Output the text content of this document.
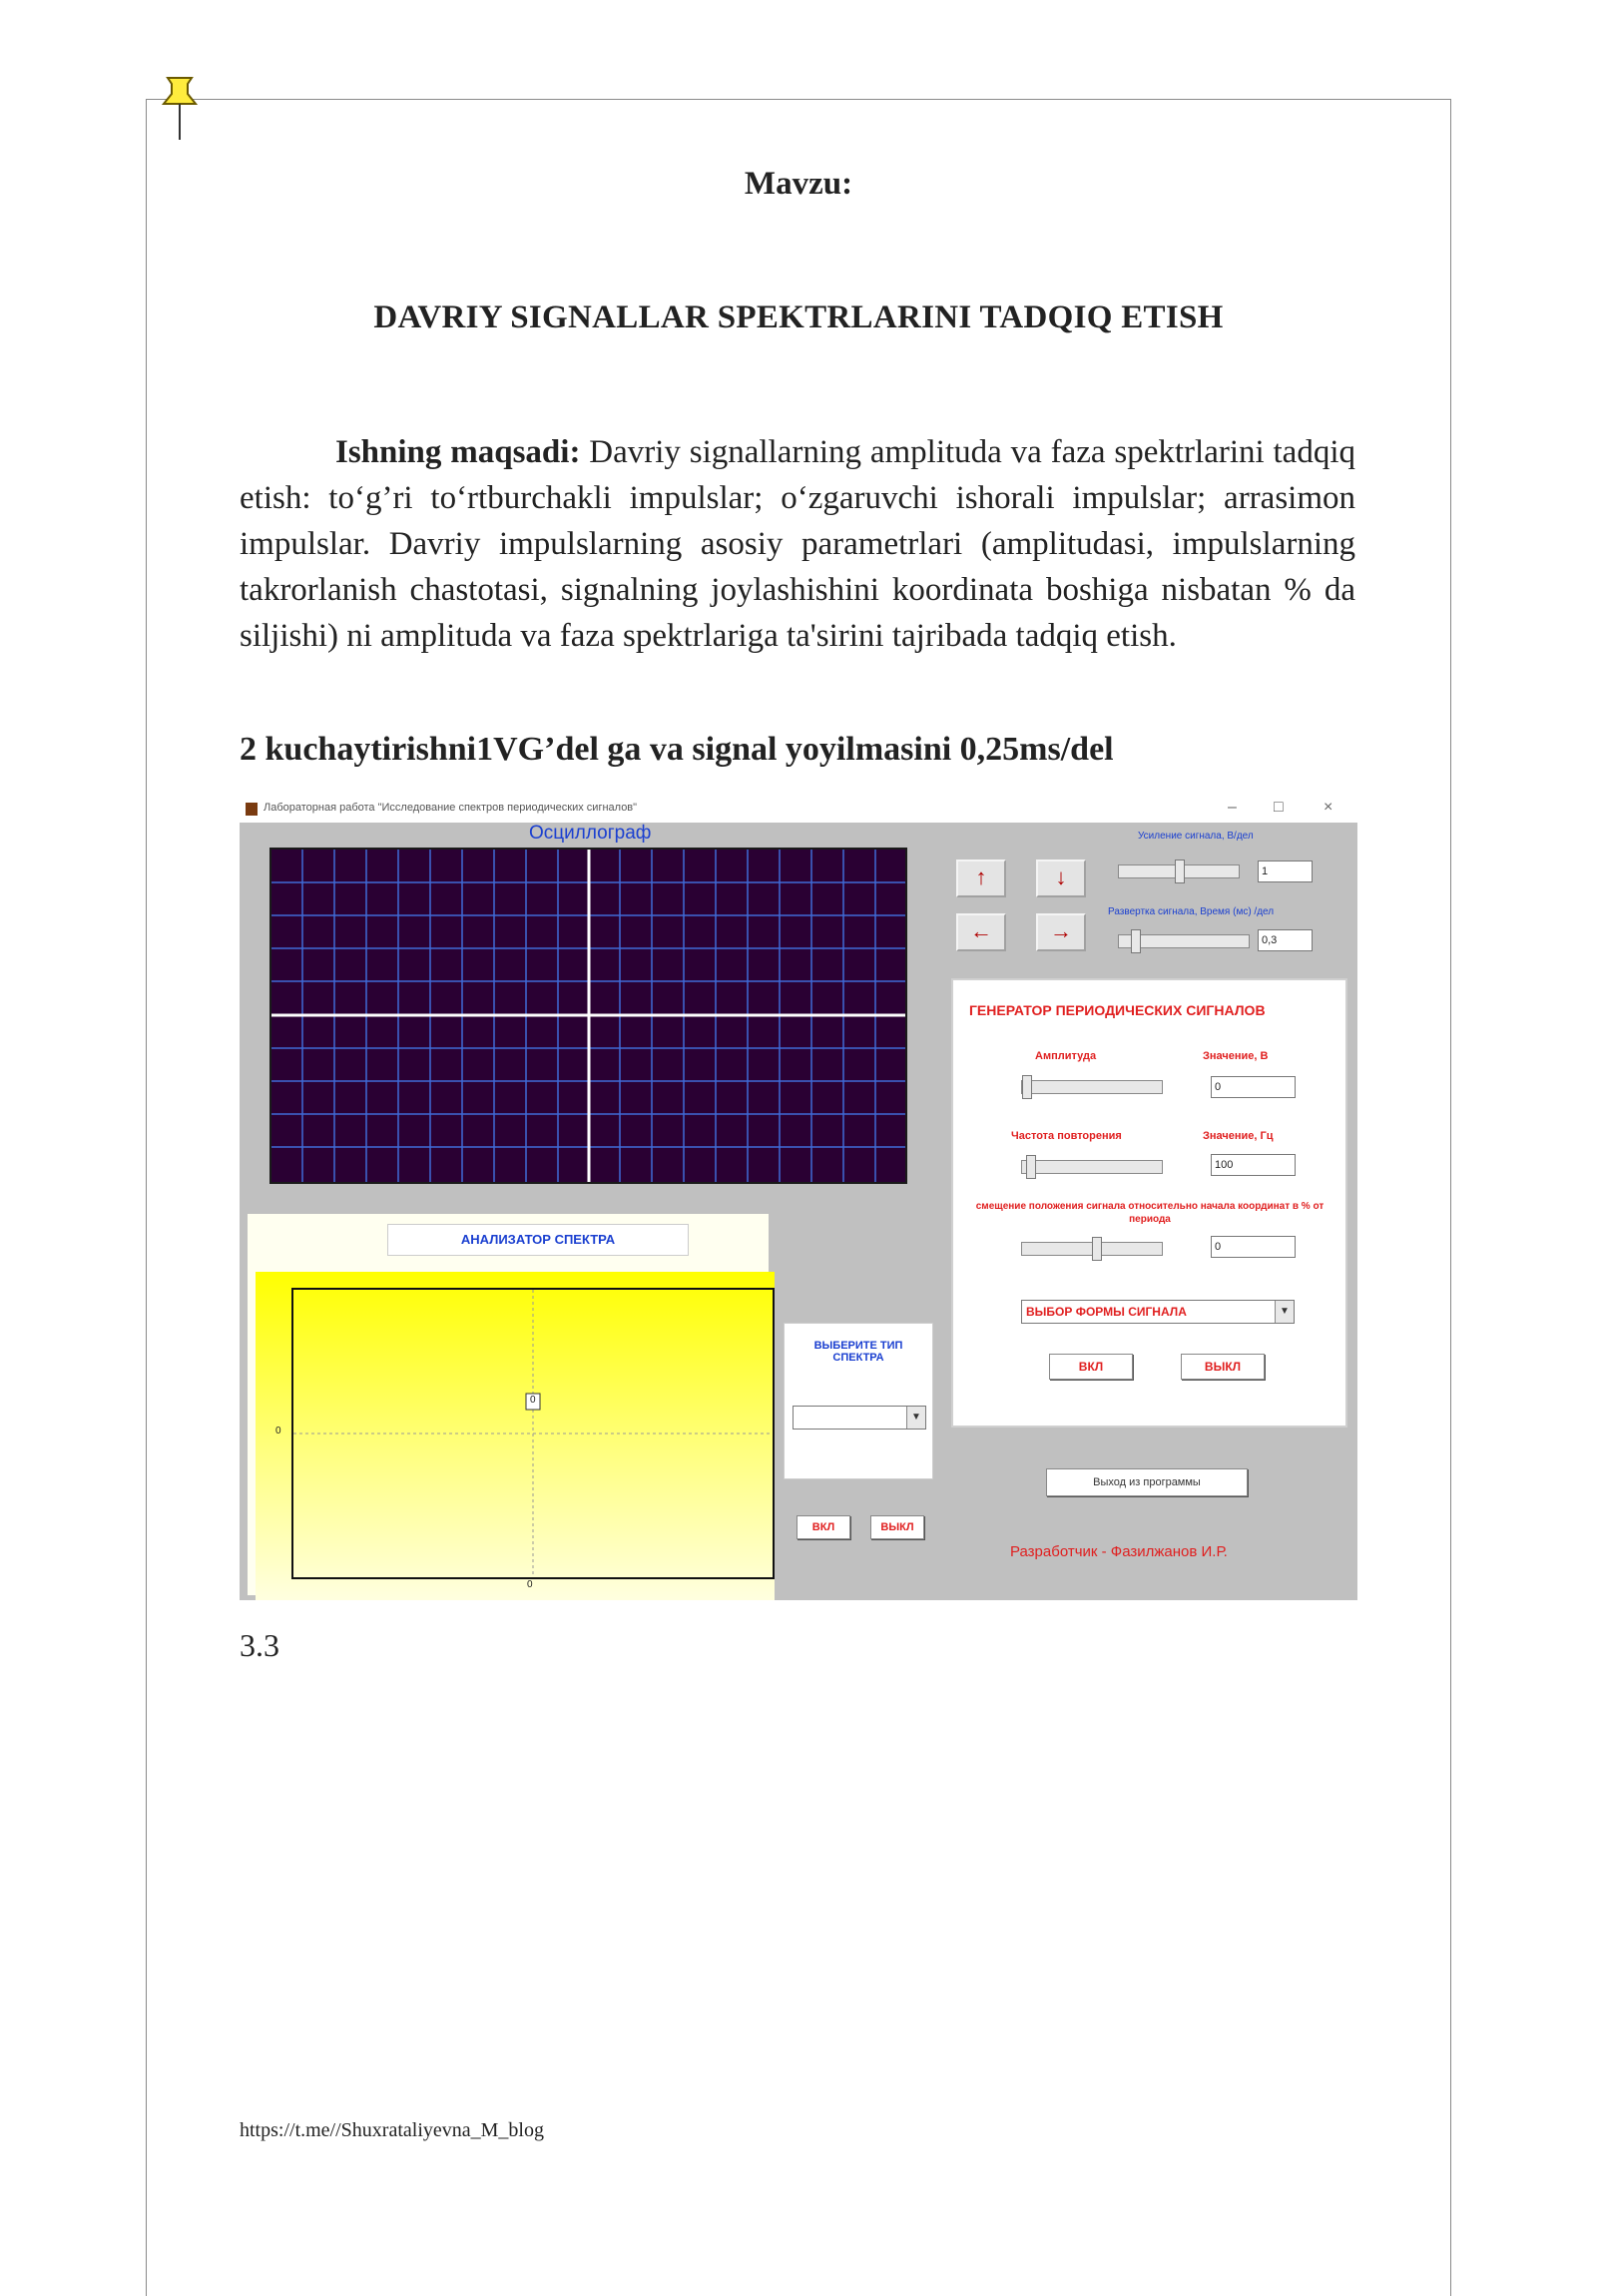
Mavzu:
DAVRIY SIGNALLAR SPEKTRLARINI TADQIQ ETISH
Ishning maqsadi: Davriy signallarning amplituda va faza spektrlarini tadqiq etish: to‘g’ri to‘rtburchakli impulslar; o‘zgaruvchi ishorali impulslar; arrasimon impulslar. Davriy impulslarning asosiy parametrlari (amplitudasi, impulslarning takrorlanish chastotasi, signalning joylashishini koordinata boshiga nisbatan % da siljishi) ni amplituda va faza spektrlariga ta'sirini tajribada tadqiq etish.
2 kuchaytirishni1VG’del ga va signal yoyilmasini 0,25ms/del
Лабораторная работа "Исследование спектров периодических сигналов"	– □	×
Осциллограф
↑	↓
←	→
Усиление сигнала, В/дел
1
Развертка сигнала, Время (мс) /дел
0,3
ГЕНЕРАТОР ПЕРИОДИЧЕСКИХ СИГНАЛОВ
Амплитуда	Значение, В
0
Частота повторения	Значение, Гц
100
смещение положения сигнала относительно начала координат в % от периода
0
ВЫБОР ФОРМЫ СИГНАЛА	▼
ВКЛ	ВЫКЛ
Выход из программы
Разработчик - Фазилжанов И.Р.
АНАЛИЗАТОР СПЕКТРА
0
0
0
ВЫБЕРИТЕ ТИП СПЕКТРА
▼
ВКЛ	ВЫКЛ
3.3
https://t.me//Shuxrataliyevna_M_blog
